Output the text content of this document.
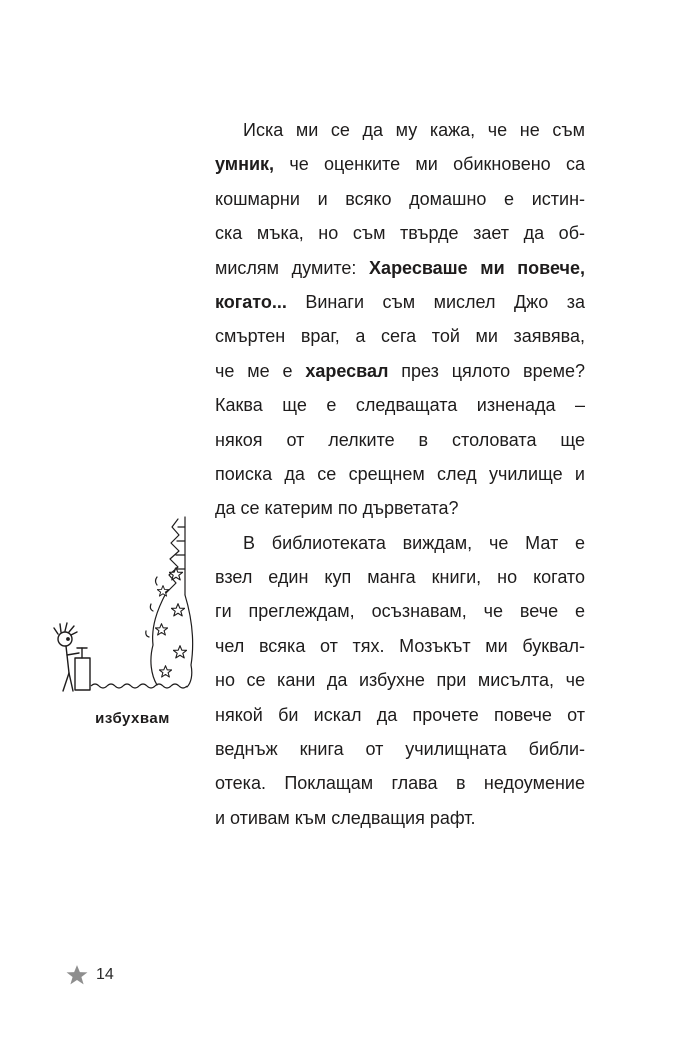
Иска ми се да му кажа, че не съм
умник, че оценките ми обикновено са
кошмарни и всяко домашно е истин-
ска мъка, но съм твърде зает да об-
мислям думите: Харесваше ми повече,
когато... Винаги съм мислел Джо за
смъртен враг, а сега той ми заявява,
че ме е харесвал през цялото време?
Каква ще е следващата изненада –
някоя от лелките в столовата ще
поиска да се срещнем след училище и
да се катерим по дърветата?
В библиотеката виждам, че Мат е
взел един куп манга книги, но когато
ги преглеждам, осъзнавам, че вече е
чел всяка от тях. Мозъкът ми буквал-
но се кани да избухне при мисълта, че
някой би искал да прочете повече от
веднъж книга от училищната библи-
отека. Поклащам глава в недоумение
и отивам към следващия рафт.
избухвам
14
